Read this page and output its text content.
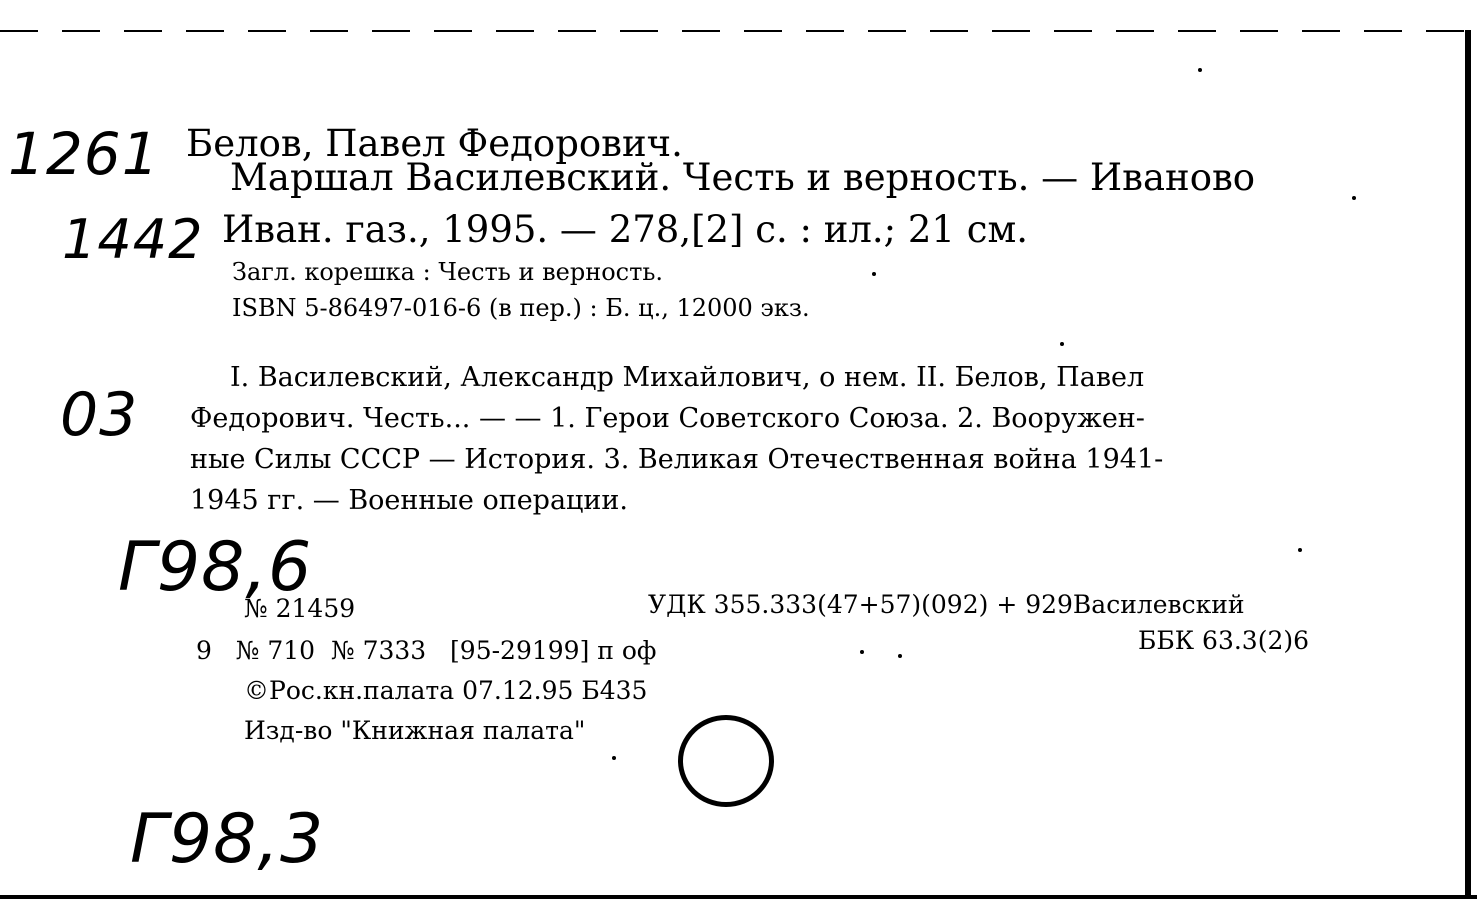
1261
1442
03
Г98,6
Г98,3
Белов, Павел Федорович.
Маршал Василевский. Честь и верность. — Иваново
Иван. газ., 1995. — 278,[2] с. : ил.; 21 см.
Загл. корешка : Честь и верность.
ISBN 5-86497-016-6 (в пер.) : Б. ц., 12000 экз.
I. Василевский, Александр Михайлович, о нем. II. Белов, Павел
Федорович. Честь... — — 1. Герои Советского Союза. 2. Вооружен-
ные Силы СССР — История. 3. Великая Отечественная война 1941-
1945 гг. — Военные операции.
№ 21459	УДК 355.333(47+57)(092) + 929Василевский
9   № 710  № 7333   [95-29199] п оф	ББК 63.3(2)6
©Рос.кн.палата 07.12.95 Б435
Изд-во "Книжная палата"
